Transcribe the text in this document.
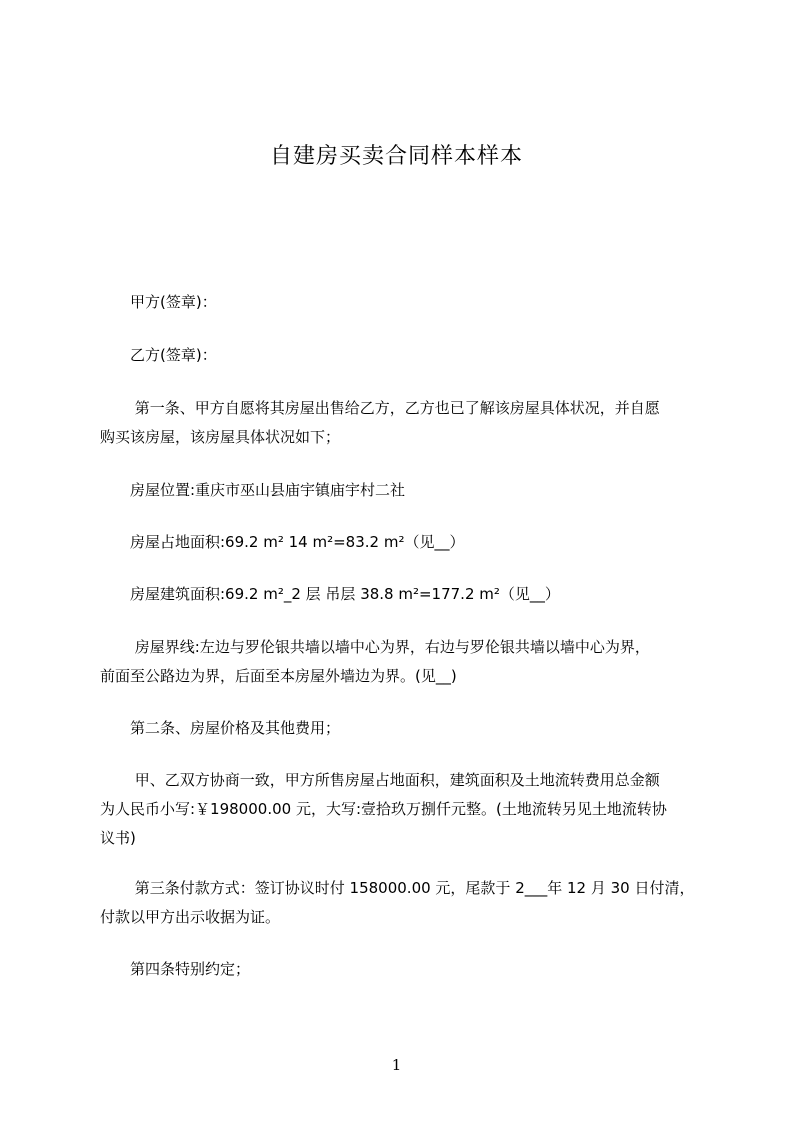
自建房买卖合同样本样本
　　甲方(签章)：
　　乙方(签章)：
　　 第一条、甲方自愿将其房屋出售给乙方，乙方也已了解该房屋具体状况，并自愿
购买该房屋，该房屋具体状况如下；
　　房屋位置:重庆市巫山县庙宇镇庙宇村二社
　　房屋占地面积:69.2 m² 14 m²=83.2 m²（见__）
　　房屋建筑面积:69.2 m²_2 层 吊层 38.8 m²=177.2 m²（见__）
　　 房屋界线:左边与罗伦银共墙以墙中心为界，右边与罗伦银共墙以墙中心为界，
前面至公路边为界，后面至本房屋外墙边为界。(见__)
　　第二条、房屋价格及其他费用；
　　 甲、乙双方协商一致，甲方所售房屋占地面积，建筑面积及土地流转费用总金额
为人民币小写:￥198000.00 元，大写:壹拾玖万捌仟元整。(土地流转另见土地流转协
议书)
　　 第三条付款方式：签订协议时付 158000.00 元，尾款于 2___年 12 月 30 日付清，
付款以甲方出示收据为证。
　　第四条特别约定；
1
